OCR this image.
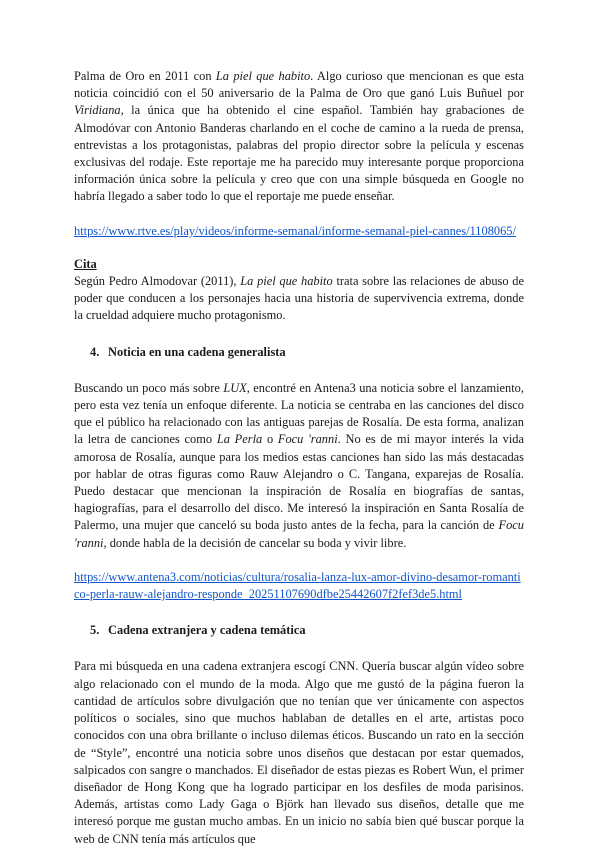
Palma de Oro en 2011 con La piel que habito. Algo curioso que mencionan es que esta noticia coincidió con el 50 aniversario de la Palma de Oro que ganó Luis Buñuel por Viridiana, la única que ha obtenido el cine español. También hay grabaciones de Almodóvar con Antonio Banderas charlando en el coche de camino a la rueda de prensa, entrevistas a los protagonistas, palabras del propio director sobre la película y escenas exclusivas del rodaje. Este reportaje me ha parecido muy interesante porque proporciona información única sobre la película y creo que con una simple búsqueda en Google no habría llegado a saber todo lo que el reportaje me puede enseñar.

https://www.rtve.es/play/videos/informe-semanal/informe-semanal-piel-cannes/1108065/
Cita

Según Pedro Almodovar (2011), La piel que habito trata sobre las relaciones de abuso de poder que conducen a los personajes hacia una historia de supervivencia extrema, donde la crueldad adquiere mucho protagonismo.

4. Noticia en una cadena generalista

Buscando un poco más sobre LUX, encontré en Antena3 una noticia sobre el lanzamiento, pero esta vez tenía un enfoque diferente. La noticia se centraba en las canciones del disco que el público ha relacionado con las antiguas parejas de Rosalía. De esta forma, analizan la letra de canciones como La Perla o Focu 'ranni. No es de mi mayor interés la vida amorosa de Rosalía, aunque para los medios estas canciones han sido las más destacadas por hablar de otras figuras como Rauw Alejandro o C. Tangana, exparejas de Rosalía. Puedo destacar que mencionan la inspiración de Rosalía en biografías de santas, hagiografías, para el desarrollo del disco. Me interesó la inspiración en Santa Rosalía de Palermo, una mujer que canceló su boda justo antes de la fecha, para la canción de Focu 'ranni, donde habla de la decisión de cancelar su boda y vivir libre.

https://www.antena3.com/noticias/cultura/rosalia-lanza-lux-amor-divino-desamor-romantico-perla-rauw-alejandro-responde_20251107690dfbe25442607f2fef3de5.html
5. Cadena extranjera y cadena temática

Para mi búsqueda en una cadena extranjera escogí CNN. Quería buscar algún vídeo sobre algo relacionado con el mundo de la moda. Algo que me gustó de la página fueron la cantidad de artículos sobre divulgación que no tenían que ver únicamente con aspectos políticos o sociales, sino que muchos hablaban de detalles en el arte, artistas poco conocidos con una obra brillante o incluso dilemas éticos. Buscando un rato en la sección de “Style”, encontré una noticia sobre unos diseños que destacan por estar quemados, salpicados con sangre o manchados. El diseñador de estas piezas es Robert Wun, el primer diseñador de Hong Kong que ha logrado participar en los desfiles de moda parisinos. Además, artistas como Lady Gaga o Björk han llevado sus diseños, detalle que me interesó porque me gustan mucho ambas. En un inicio no sabía bien qué buscar porque la web de CNN tenía más artículos que
